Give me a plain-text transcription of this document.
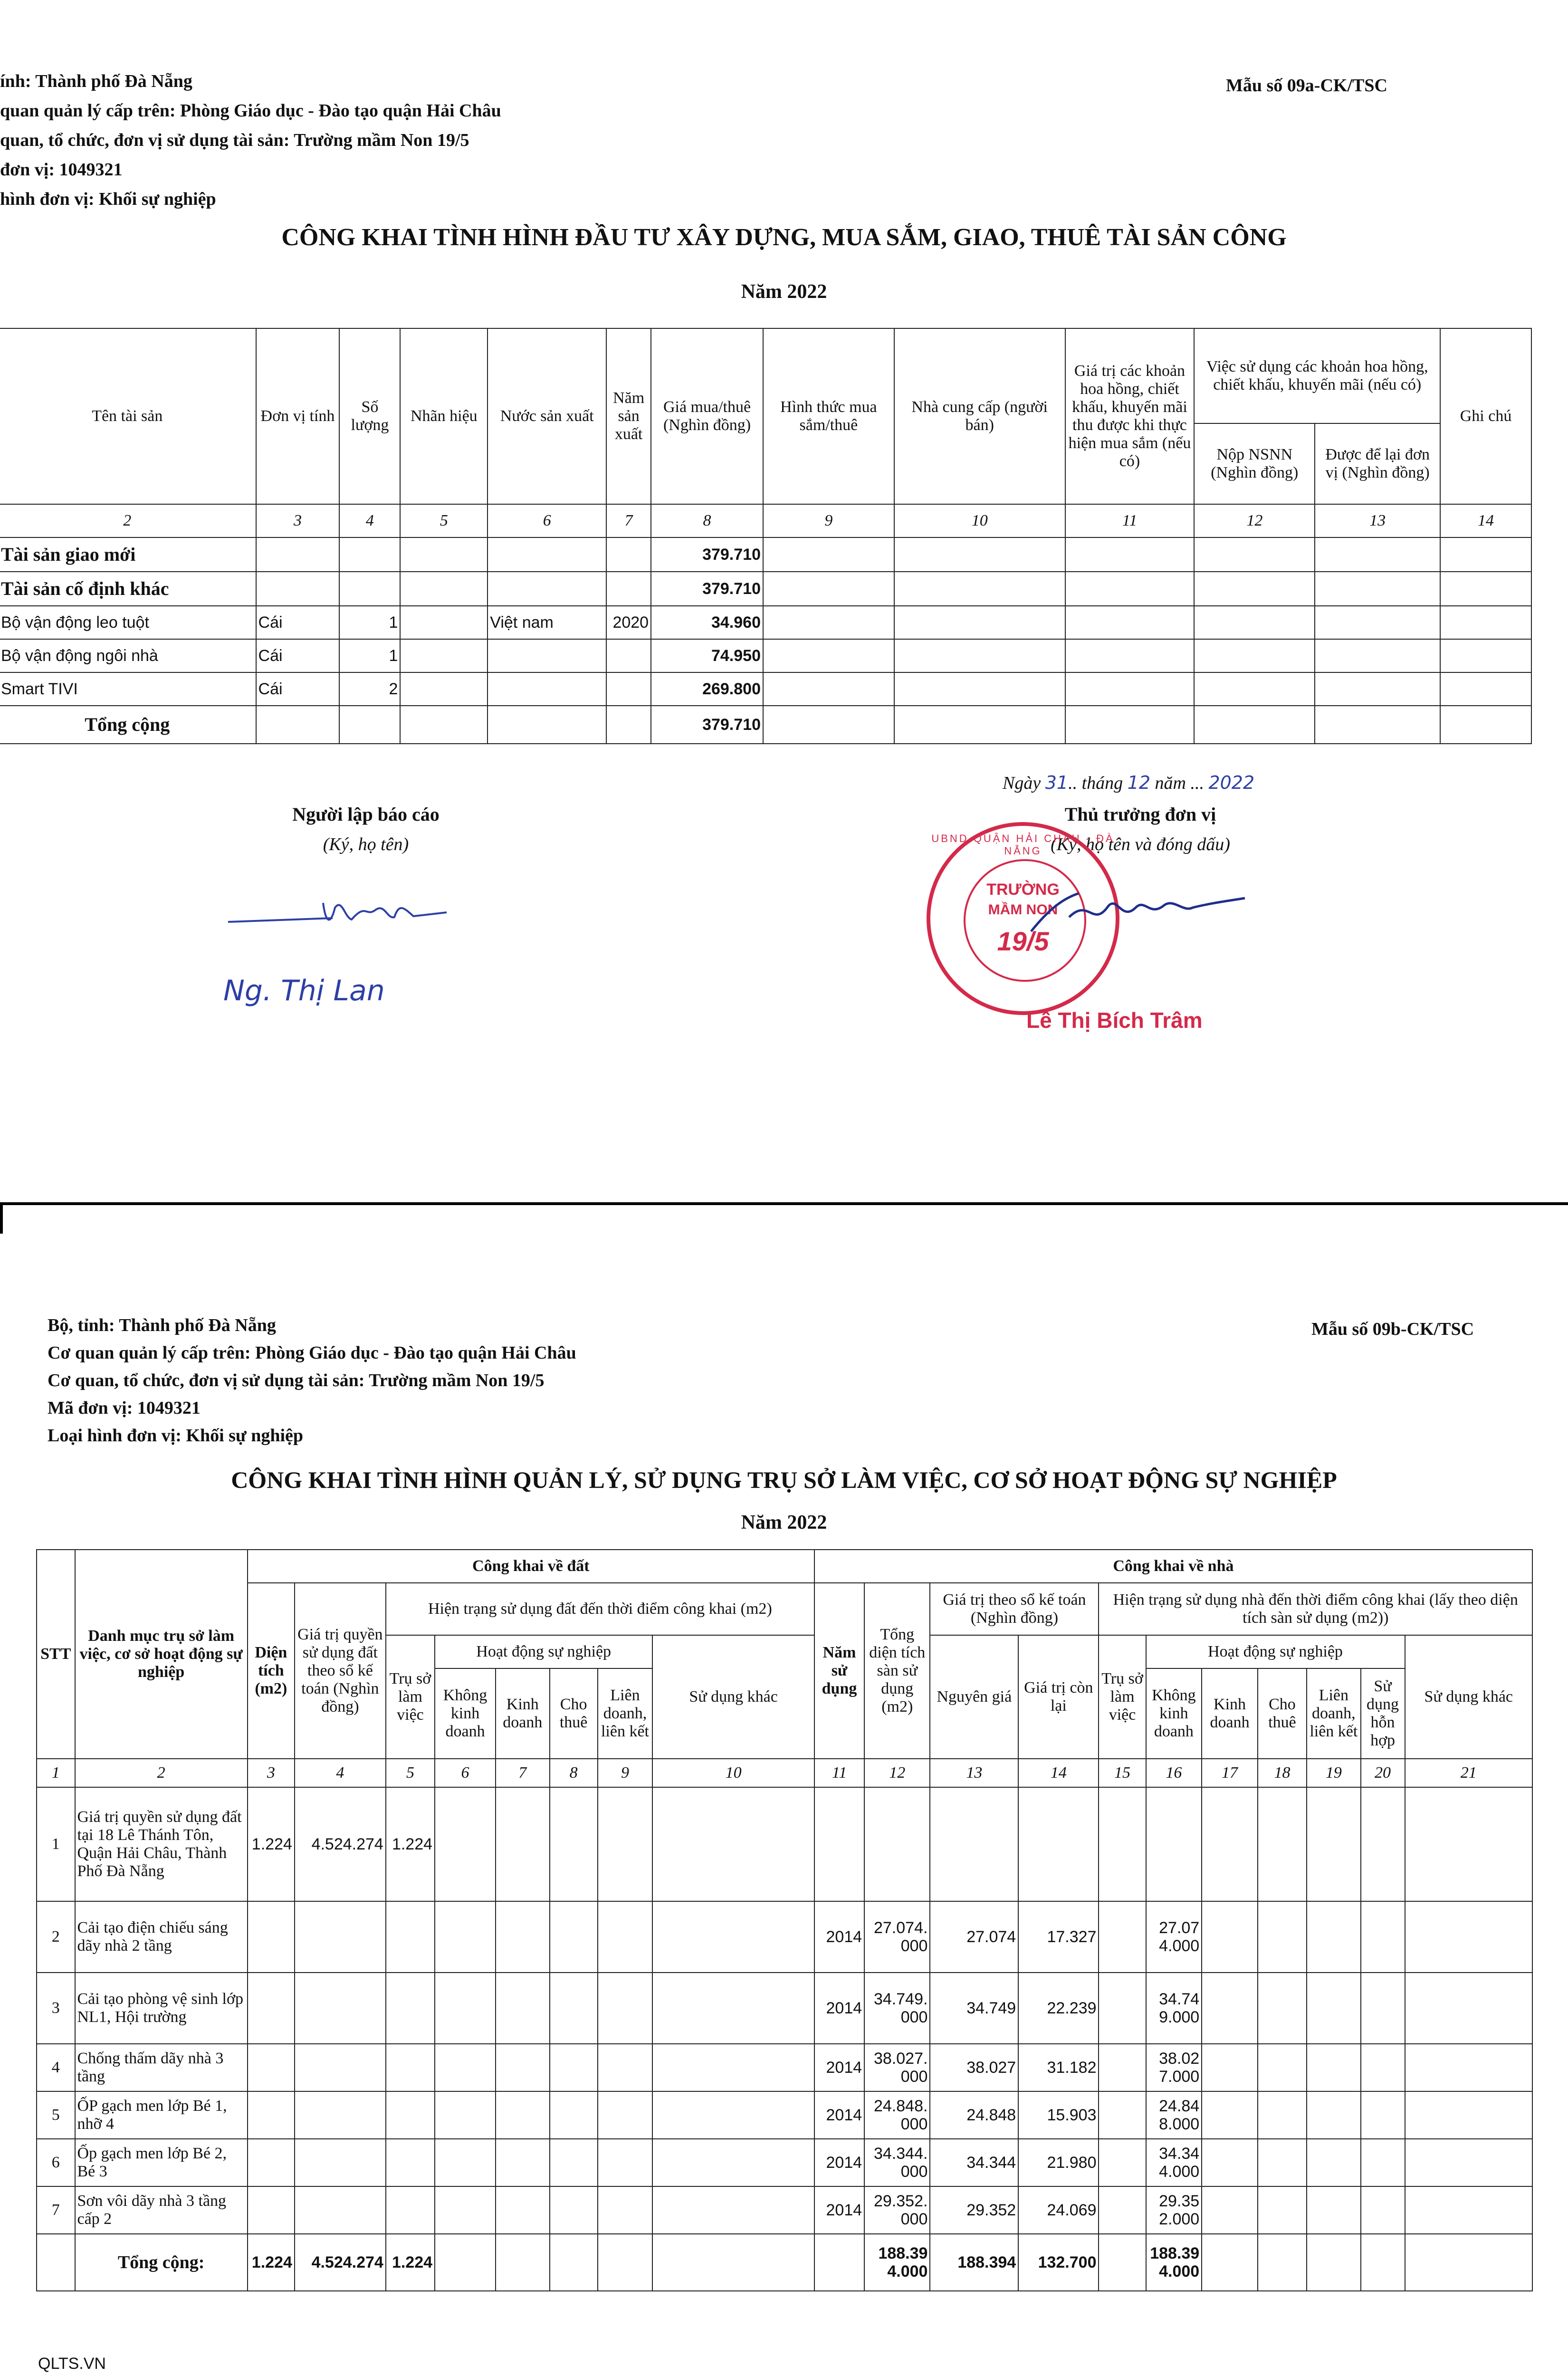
ính: Thành phố Đà Nẵng
quan quản lý cấp trên: Phòng Giáo dục - Đào tạo quận Hải Châu
quan, tổ chức, đơn vị sử dụng tài sản: Trường mầm Non 19/5
đơn vị: 1049321
hình đơn vị: Khối sự nghiệp
Mẫu số 09a-CK/TSC
CÔNG KHAI TÌNH HÌNH ĐẦU TƯ XÂY DỰNG, MUA SẮM, GIAO, THUÊ TÀI SẢN CÔNG
Năm 2022
Tên tài sản	Đơn vị tính	Số lượng	Nhãn hiệu	Nước sản xuất	Năm sản xuất	Giá mua/thuê (Nghìn đồng)	Hình thức mua sắm/thuê	Nhà cung cấp (người bán)	Giá trị các khoản hoa hồng, chiết khấu, khuyến mãi thu được khi thực hiện mua sắm (nếu có)	Việc sử dụng các khoản hoa hồng, chiết khấu, khuyến mãi (nếu có)		Ghi chú
										Nộp NSNN (Nghìn đồng)	Được để lại đơn vị (Nghìn đồng)	
2	3	4	5	6	7	8	9	10	11	12	13	14
Tài sản giao mới						379.710						
Tài sản cố định khác						379.710						
Bộ vận động leo tuột	Cái	1		Việt nam	2020	34.960						
Bộ vận động ngôi nhà	Cái	1				74.950						
Smart TIVI	Cái	2				269.800						
Tổng cộng						379.710						
Ngày 31.. tháng 12 năm ... 2022
Người lập báo cáo
(Ký, họ tên)
Ng. Thị Lan
Thủ trưởng đơn vị
(Ký, họ tên và đóng dấu)
TRƯỜNG
MẦM NON
19/5
UBND QUẬN HẢI CHÂU - ĐÀ NẴNG
Lê Thị Bích Trâm
Bộ, tỉnh: Thành phố Đà Nẵng
Cơ quan quản lý cấp trên: Phòng Giáo dục - Đào tạo quận Hải Châu
Cơ quan, tổ chức, đơn vị sử dụng tài sản: Trường mầm Non 19/5
Mã đơn vị: 1049321
Loại hình đơn vị: Khối sự nghiệp
Mẫu số 09b-CK/TSC
CÔNG KHAI TÌNH HÌNH QUẢN LÝ, SỬ DỤNG TRỤ SỞ LÀM VIỆC, CƠ SỞ HOẠT ĐỘNG SỰ NGHIỆP
Năm 2022
STT	Danh mục trụ sở làm việc, cơ sở hoạt động sự nghiệp	Công khai về đất								Công khai về nhà										
		Diện tích (m2)	Giá trị quyền sử dụng đất theo sổ kế toán (Nghìn đồng)	Hiện trạng sử dụng đất đến thời điểm công khai (m2)						Năm sử dụng	Tổng diện tích sàn sử dụng (m2)	Giá trị theo sổ kế toán (Nghìn đồng)		Hiện trạng sử dụng nhà đến thời điểm công khai (lấy theo diện tích sàn sử dụng (m2))						
				Trụ sở làm việc	Hoạt động sự nghiệp				Sử dụng khác			Nguyên giá	Giá trị còn lại	Trụ sở làm việc	Hoạt động sự nghiệp					Sử dụng khác
					Không kinh doanh	Kinh doanh	Cho thuê	Liên doanh, liên kết							Không kinh doanh	Kinh doanh	Cho thuê	Liên doanh, liên kết	Sử dụng hỗn hợp	
1	2	3	4	5	6	7	8	9	10	11	12	13	14	15	16	17	18	19	20	21
1	Giá trị quyền sử dụng đất tại 18 Lê Thánh Tôn, Quận Hải Châu, Thành Phố Đà Nẵng	1.224	4.524.274	1.224																
2	Cải tạo điện chiếu sáng dãy nhà 2 tầng									2014	27.074.000	27.074	17.327		27.074.000					
3	Cải tạo phòng vệ sinh lớp NL1, Hội trường									2014	34.749.000	34.749	22.239		34.749.000					
4	Chống thấm dãy nhà 3 tầng									2014	38.027.000	38.027	31.182		38.027.000					
5	ỐP gạch men lớp Bé 1, nhỡ 4									2014	24.848.000	24.848	15.903		24.848.000					
6	Ốp gạch men lớp Bé 2, Bé 3									2014	34.344.000	34.344	21.980		34.344.000					
7	Sơn vôi dãy nhà 3 tầng cấp 2									2014	29.352.000	29.352	24.069		29.352.000					
	Tổng cộng:	1.224	4.524.274	1.224							188.394.000	188.394	132.700		188.394.000					
QLTS.VN
